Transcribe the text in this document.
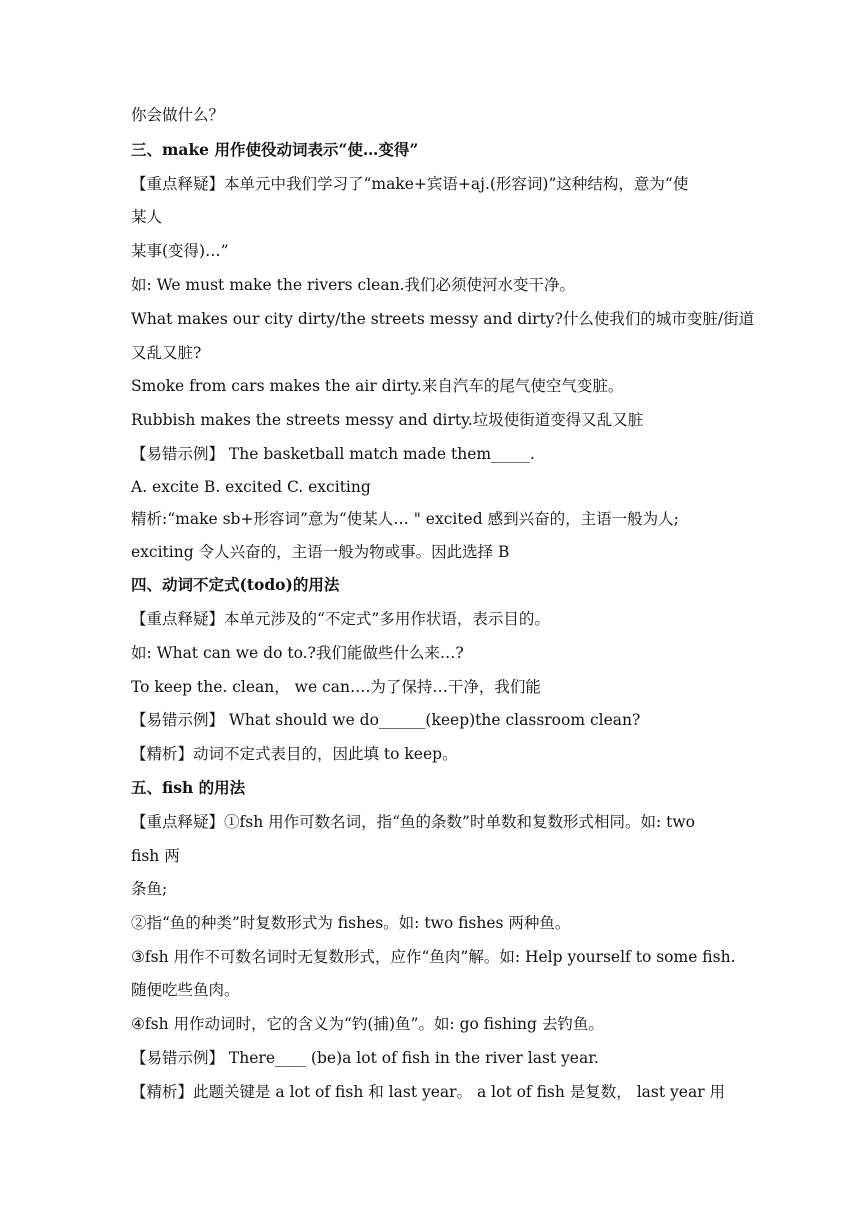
你会做什么？
三、make 用作使役动词表示“使…变得”
【重点释疑】本单元中我们学习了“make+宾语+aj.(形容词)”这种结构，意为“使
某人
某事(变得)…”
如: We must make the rivers clean.我们必须使河水变干净。
What makes our city dirty/the streets messy and dirty?什么使我们的城市变脏/街道
又乱又脏?
Smoke from cars makes the air dirty.来自汽车的尾气使空气变脏。
Rubbish makes the streets messy and dirty.垃圾使街道变得又乱又脏
【易错示例】 The basketball match made them_____.
A. excite B. excited C. exciting
精析:“make sb+形容词”意为“使某人… " excited 感到兴奋的，主语一般为人;
exciting 令人兴奋的，主语一般为物或事。因此选择 B
四、动词不定式(todo)的用法
【重点释疑】本单元涉及的“不定式”多用作状语，表示目的。
如: What can we do to.?我们能做些什么来…?
To keep the. clean， we can….为了保持…干净，我们能
【易错示例】 What should we do______(keep)the classroom clean?
【精析】动词不定式表目的，因此填 to keep。
五、fish 的用法
【重点释疑】①fsh 用作可数名词，指“鱼的条数”时单数和复数形式相同。如: two
fish 两
条鱼;
②指“鱼的种类”时复数形式为 fishes。如: two fishes 两种鱼。
③fsh 用作不可数名词时无复数形式，应作“鱼肉”解。如: Help yourself to some fish.
随便吃些鱼肉。
④fsh 用作动词时，它的含义为“钓(捕)鱼”。如: go fishing 去钓鱼。
【易错示例】 There____ (be)a lot of fish in the river last year.
【精析】此题关键是 a lot of fish 和 last year。 a lot of fish 是复数， last year 用
